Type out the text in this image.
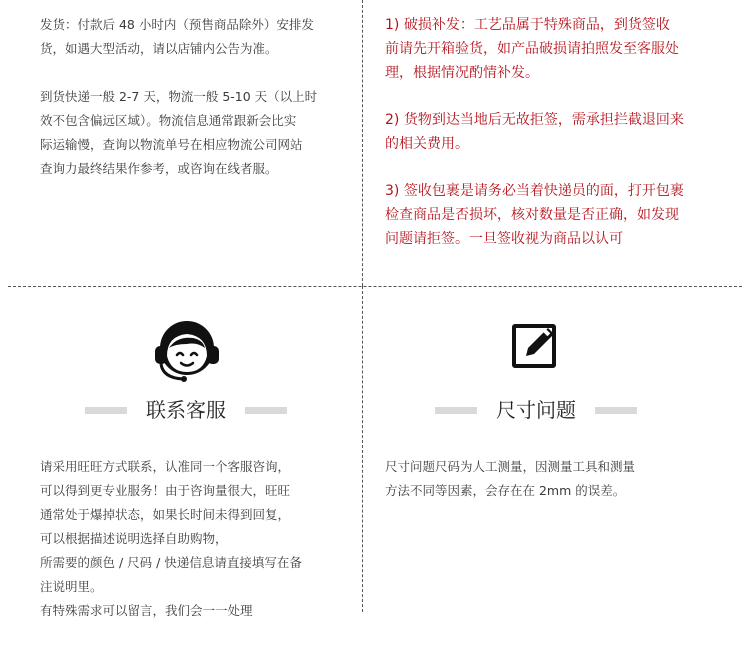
发货：付款后 48 小时内（预售商品除外）安排发
货，如遇大型活动，请以店铺内公告为准。

到货快递一般 2-7 天，物流一般 5-10 天（以上时
效不包含偏远区域）。物流信息通常跟新会比实
际运输慢，查询以物流单号在相应物流公司网站
查询力最终结果作参考，或咨询在线者服。

1) 破损补发：工艺品属于特殊商品，到货签收
前请先开箱验货，如产品破损请拍照发至客服处
理，根据情况酌情补发。

2) 货物到达当地后无故拒签，需承担拦截退回来
的相关费用。

3) 签收包裹是请务必当着快递员的面，打开包裹
检查商品是否损坏，核对数量是否正确，如发现
问题请拒签。一旦签收视为商品以认可

联系客服

请采用旺旺方式联系，认准同一个客服咨询，
可以得到更专业服务！由于咨询量很大，旺旺
通常处于爆掉状态，如果长时间未得到回复，
可以根据描述说明选择自助购物，
所需要的颜色 / 尺码 / 快递信息请直接填写在备
注说明里。
有特殊需求可以留言，我们会一一处理

尺寸问题

尺寸问题尺码为人工测量，因测量工具和测量
方法不同等因素，会存在在 2mm 的误差。
